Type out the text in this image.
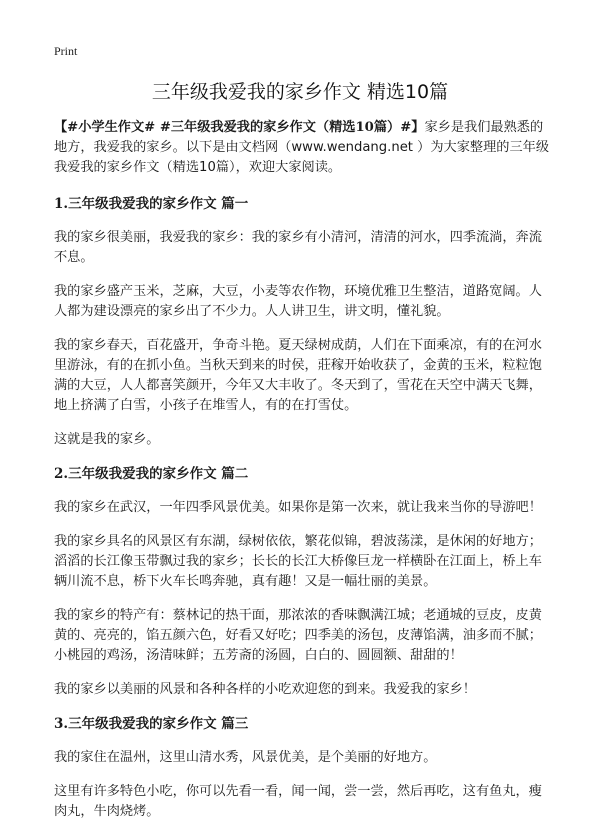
Print
三年级我爱我的家乡作文 精选10篇

【#小学生作文# #三年级我爱我的家乡作文（精选10篇）#】家乡是我们最熟悉的地方，我爱我的家乡。以下是由文档网（www.wendang.net ）为大家整理的三年级我爱我的家乡作文（精选10篇），欢迎大家阅读。

1.三年级我爱我的家乡作文 篇一

我的家乡很美丽，我爱我的家乡：我的家乡有小清河，清清的河水，四季流淌，奔流不息。

我的家乡盛产玉米，芝麻，大豆，小麦等农作物，环境优雅卫生整洁，道路宽阔。人人都为建设漂亮的家乡出了不少力。人人讲卫生，讲文明，懂礼貌。

我的家乡春天，百花盛开，争奇斗艳。夏天绿树成荫，人们在下面乘凉，有的在河水里游泳，有的在抓小鱼。当秋天到来的时侯，莊稼开始收获了，金黄的玉米，粒粒饱满的大豆，人人都喜笑颜开，今年又大丰收了。冬天到了，雪花在天空中满天飞舞，地上挤满了白雪，小孩子在堆雪人，有的在打雪仗。

这就是我的家乡。

2.三年级我爱我的家乡作文 篇二

我的家乡在武汉，一年四季风景优美。如果你是第一次来，就让我来当你的导游吧！

我的家乡具名的风景区有东湖，绿树依依，繁花似锦，碧波荡漾，是休闲的好地方；滔滔的长江像玉带飘过我的家乡；长长的长江大桥像巨龙一样横卧在江面上，桥上车辆川流不息，桥下火车长鸣奔驰，真有趣！又是一幅壮丽的美景。

我的家乡的特产有：蔡林记的热干面，那浓浓的香味飘满江城；老通城的豆皮，皮黄黄的、亮亮的，馅五颜六色，好看又好吃；四季美的汤包，皮薄馅满，油多而不腻；小桃园的鸡汤，汤清味鲜；五芳斋的汤圆，白白的、圆圆额、甜甜的！

我的家乡以美丽的风景和各种各样的小吃欢迎您的到来。我爱我的家乡！

3.三年级我爱我的家乡作文 篇三

我的家住在温州，这里山清水秀，风景优美，是个美丽的好地方。

这里有许多特色小吃，你可以先看一看，闻一闻，尝一尝，然后再吃，这有鱼丸，瘦肉丸，牛肉烧烤。
